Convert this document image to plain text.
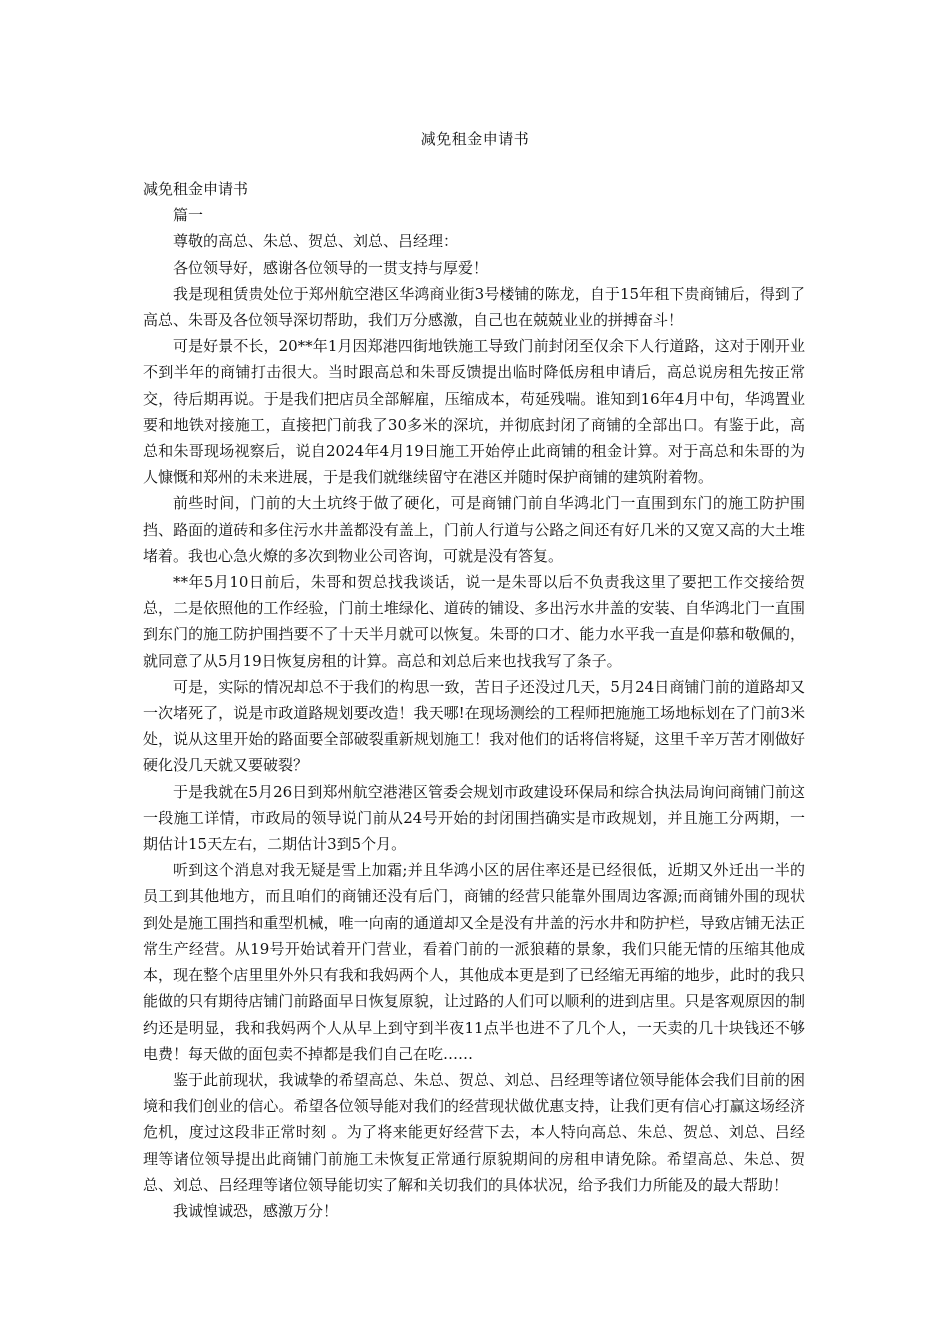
减免租金申请书

减免租金申请书

篇一

尊敬的高总、朱总、贺总、刘总、吕经理：

各位领导好，感谢各位领导的一贯支持与厚爱！

我是现租赁贵处位于郑州航空港区华鸿商业街3号楼铺的陈龙，自于15年租下贵商铺后，得到了高总、朱哥及各位领导深切帮助，我们万分感激，自己也在兢兢业业的拼搏奋斗！

可是好景不长，20**年1月因郑港四街地铁施工导致门前封闭至仅余下人行道路，这对于刚开业不到半年的商铺打击很大。当时跟高总和朱哥反馈提出临时降低房租申请后，高总说房租先按正常交，待后期再说。于是我们把店员全部解雇，压缩成本，苟延残喘。谁知到16年4月中旬，华鸿置业要和地铁对接施工，直接把门前我了30多米的深坑，并彻底封闭了商铺的全部出口。有鉴于此，高总和朱哥现场视察后，说自2024年4月19日施工开始停止此商铺的租金计算。对于高总和朱哥的为人慷慨和郑州的未来进展，于是我们就继续留守在港区并随时保护商铺的建筑附着物。

前些时间，门前的大土坑终于做了硬化，可是商铺门前自华鸿北门一直围到东门的施工防护围挡、路面的道砖和多住污水井盖都没有盖上，门前人行道与公路之间还有好几米的又宽又高的大土堆堵着。我也心急火燎的多次到物业公司咨询，可就是没有答复。

**年5月10日前后，朱哥和贺总找我谈话，说一是朱哥以后不负责我这里了要把工作交接给贺总，二是依照他的工作经验，门前土堆绿化、道砖的铺设、多出污水井盖的安装、自华鸿北门一直围到东门的施工防护围挡要不了十天半月就可以恢复。朱哥的口才、能力水平我一直是仰慕和敬佩的，就同意了从5月19日恢复房租的计算。高总和刘总后来也找我写了条子。

可是，实际的情况却总不于我们的构思一致，苦日子还没过几天，5月24日商铺门前的道路却又一次堵死了，说是市政道路规划要改造！我天哪!在现场测绘的工程师把施施工场地标划在了门前3米处，说从这里开始的路面要全部破裂重新规划施工！我对他们的话将信将疑，这里千辛万苦才刚做好硬化没几天就又要破裂？

于是我就在5月26日到郑州航空港港区管委会规划市政建设环保局和综合执法局询问商铺门前这一段施工详情，市政局的领导说门前从24号开始的封闭围挡确实是市政规划，并且施工分两期，一期估计15天左右，二期估计3到5个月。

听到这个消息对我无疑是雪上加霜;并且华鸿小区的居住率还是已经很低，近期又外迁出一半的员工到其他地方，而且咱们的商铺还没有后门，商铺的经营只能靠外围周边客源;而商铺外围的现状到处是施工围挡和重型机械，唯一向南的通道却又全是没有井盖的污水井和防护栏，导致店铺无法正常生产经营。从19号开始试着开门营业，看着门前的一派狼藉的景象，我们只能无情的压缩其他成本，现在整个店里里外外只有我和我妈两个人，其他成本更是到了已经缩无再缩的地步，此时的我只能做的只有期待店铺门前路面早日恢复原貌，让过路的人们可以顺利的进到店里。只是客观原因的制约还是明显，我和我妈两个人从早上到守到半夜11点半也进不了几个人，一天卖的几十块钱还不够电费！每天做的面包卖不掉都是我们自己在吃……

鉴于此前现状，我诚挚的希望高总、朱总、贺总、刘总、吕经理等诸位领导能体会我们目前的困境和我们创业的信心。希望各位领导能对我们的经营现状做优惠支持，让我们更有信心打赢这场经济危机，度过这段非正常时刻 。为了将来能更好经营下去，本人特向高总、朱总、贺总、刘总、吕经理等诸位领导提出此商铺门前施工未恢复正常通行原貌期间的房租申请免除。希望高总、朱总、贺总、刘总、吕经理等诸位领导能切实了解和关切我们的具体状况，给予我们力所能及的最大帮助！

我诚惶诚恐，感激万分！
